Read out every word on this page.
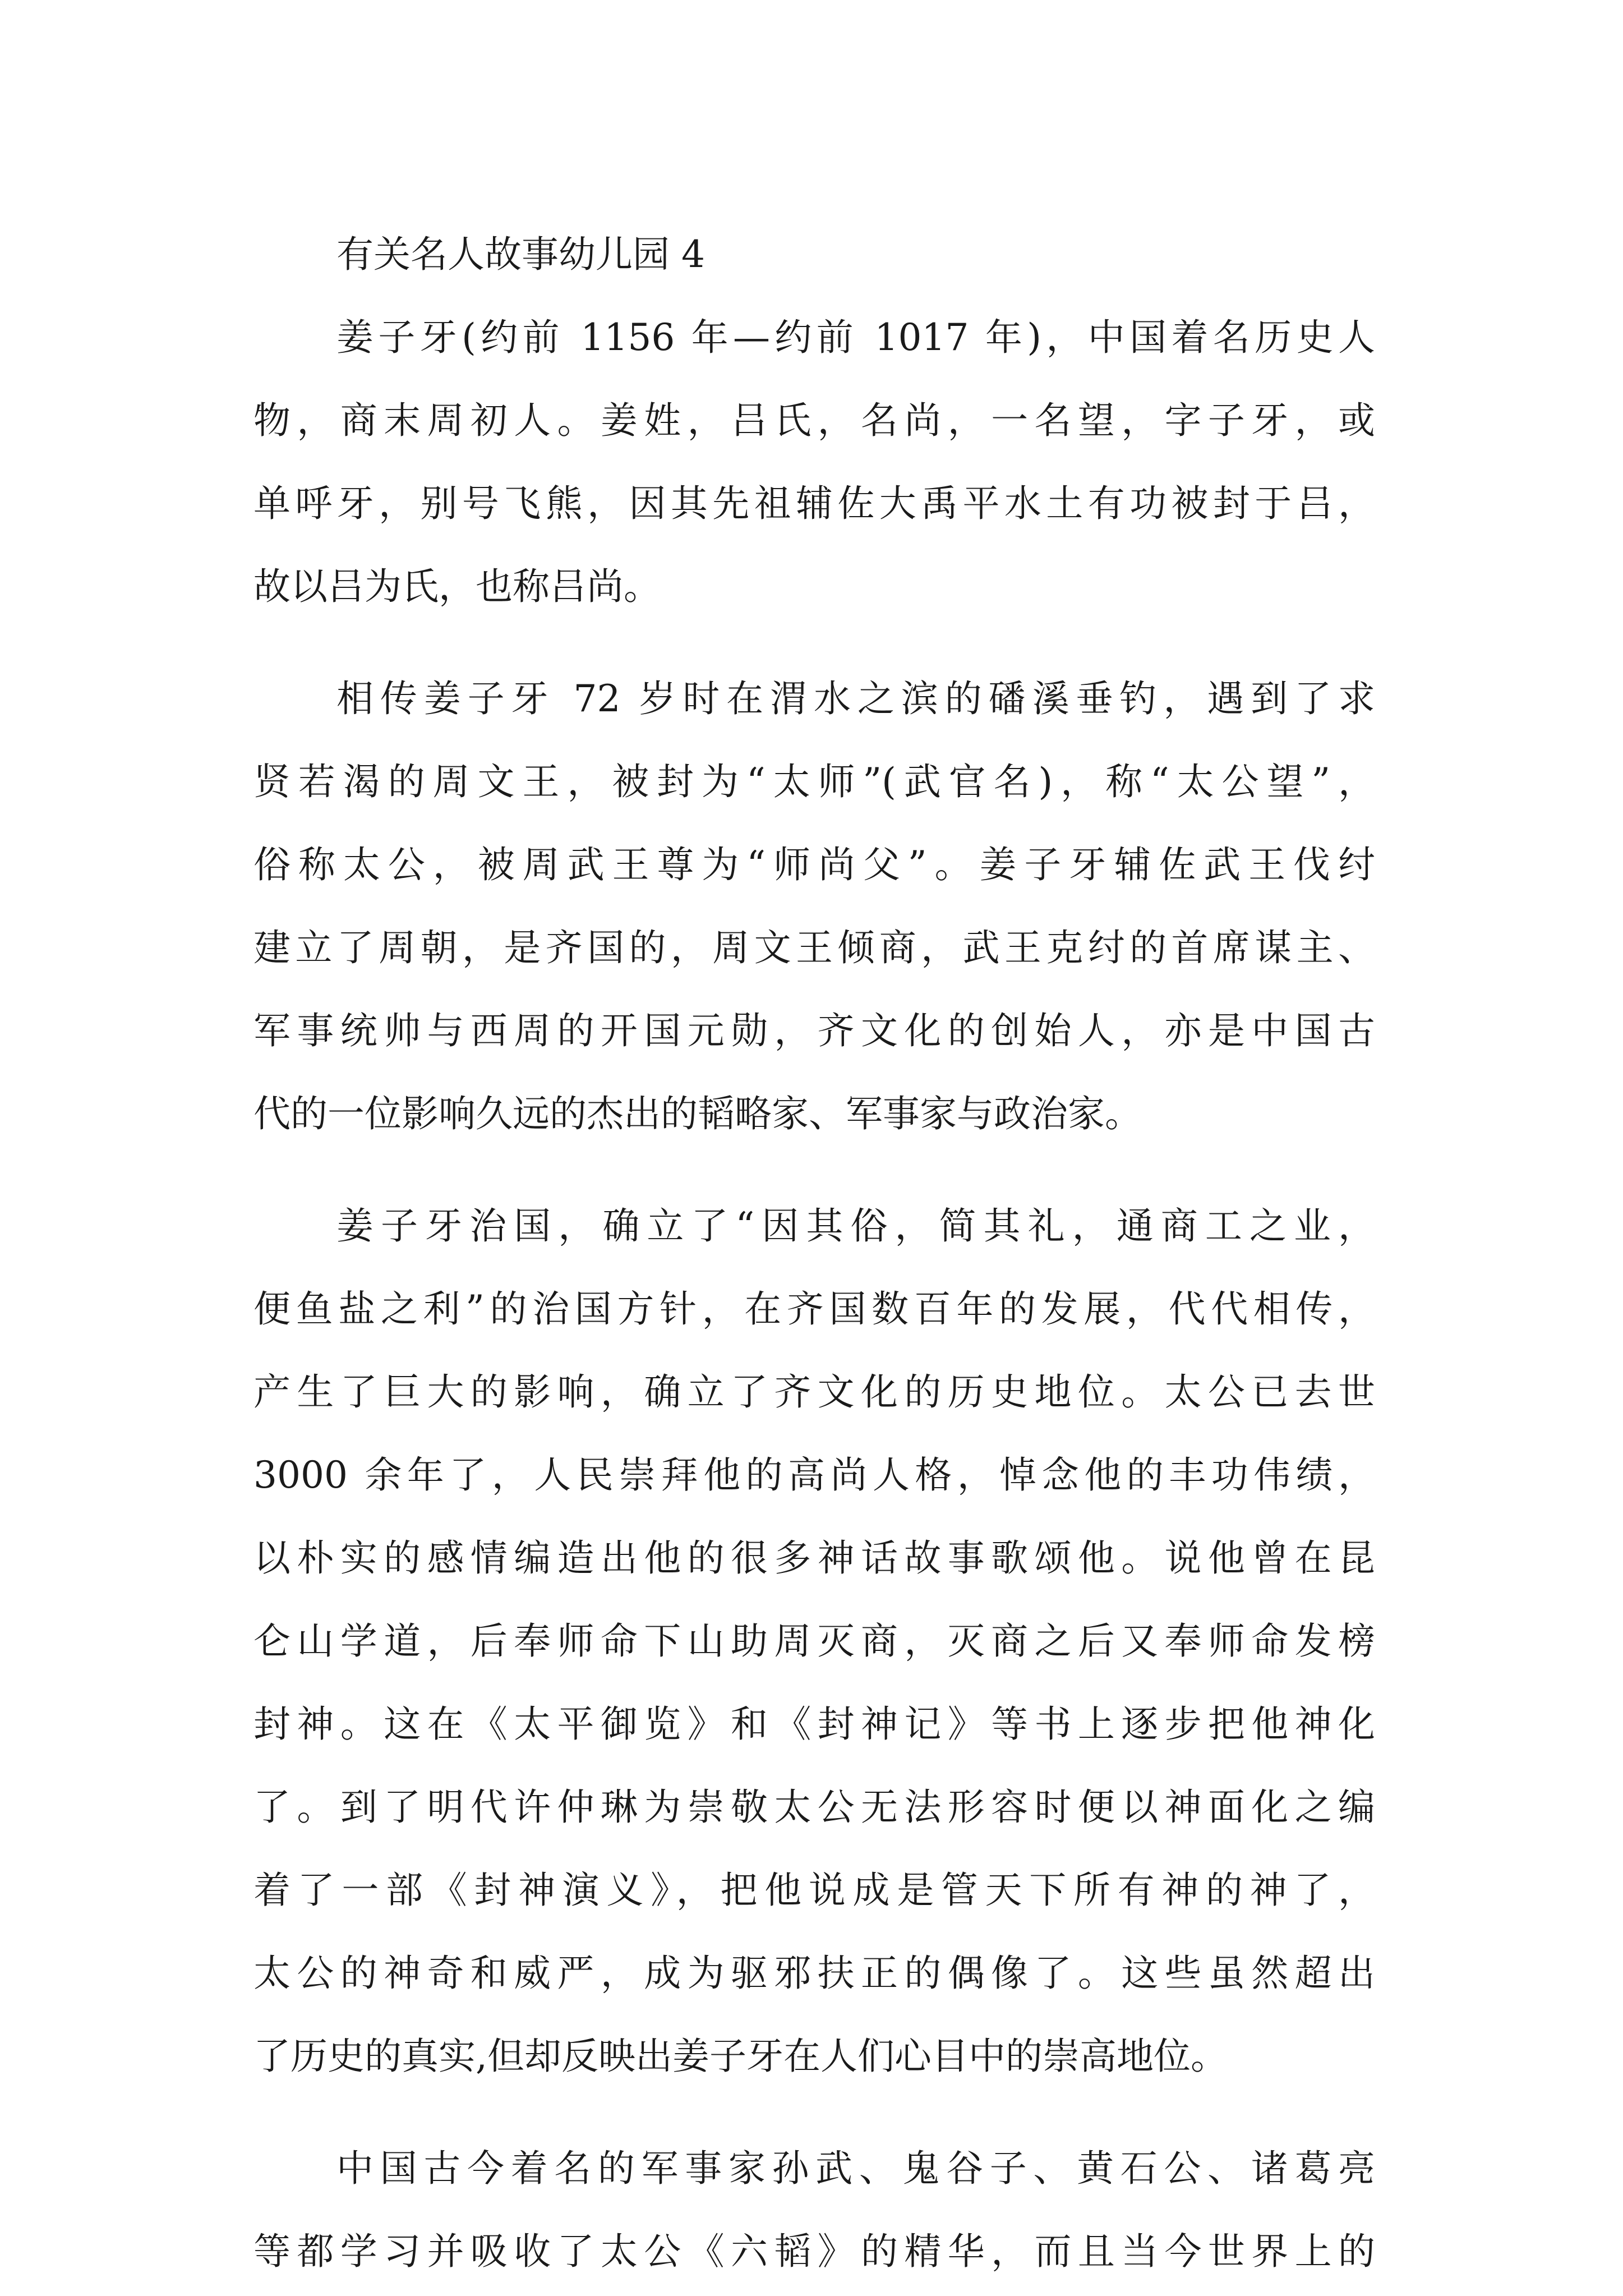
有关名人故事幼儿园 4
姜子牙(约前 1156 年—约前 1017 年)，中国着名历史人
物，商末周初人。姜姓，吕氏，名尚，一名望，字子牙，或
单呼牙，别号飞熊，因其先祖辅佐大禹平水土有功被封于吕，
故以吕为氏，也称吕尚。
相传姜子牙 72 岁时在渭水之滨的磻溪垂钓，遇到了求
贤若渴的周文王，被封为“太师”(武官名)，称“太公望”，
俗称太公，被周武王尊为“师尚父”。姜子牙辅佐武王伐纣
建立了周朝，是齐国的，周文王倾商，武王克纣的首席谋主、
军事统帅与西周的开国元勋，齐文化的创始人，亦是中国古
代的一位影响久远的杰出的韬略家、军事家与政治家。
姜子牙治国，确立了“因其俗，简其礼，通商工之业，
便鱼盐之利”的治国方针，在齐国数百年的发展，代代相传，
产生了巨大的影响，确立了齐文化的历史地位。太公已去世
3000 余年了，人民崇拜他的高尚人格，悼念他的丰功伟绩，
以朴实的感情编造出他的很多神话故事歌颂他。说他曾在昆
仑山学道，后奉师命下山助周灭商，灭商之后又奉师命发榜
封神。这在《太平御览》和《封神记》等书上逐步把他神化
了。到了明代许仲琳为崇敬太公无法形容时便以神面化之编
着了一部《封神演义》，把他说成是管天下所有神的神了，
太公的神奇和威严，成为驱邪扶正的偶像了。这些虽然超出
了历史的真实,但却反映出姜子牙在人们心目中的崇高地位。
中国古今着名的军事家孙武、鬼谷子、黄石公、诸葛亮
等都学习并吸收了太公《六韬》的精华，而且当今世界上的
